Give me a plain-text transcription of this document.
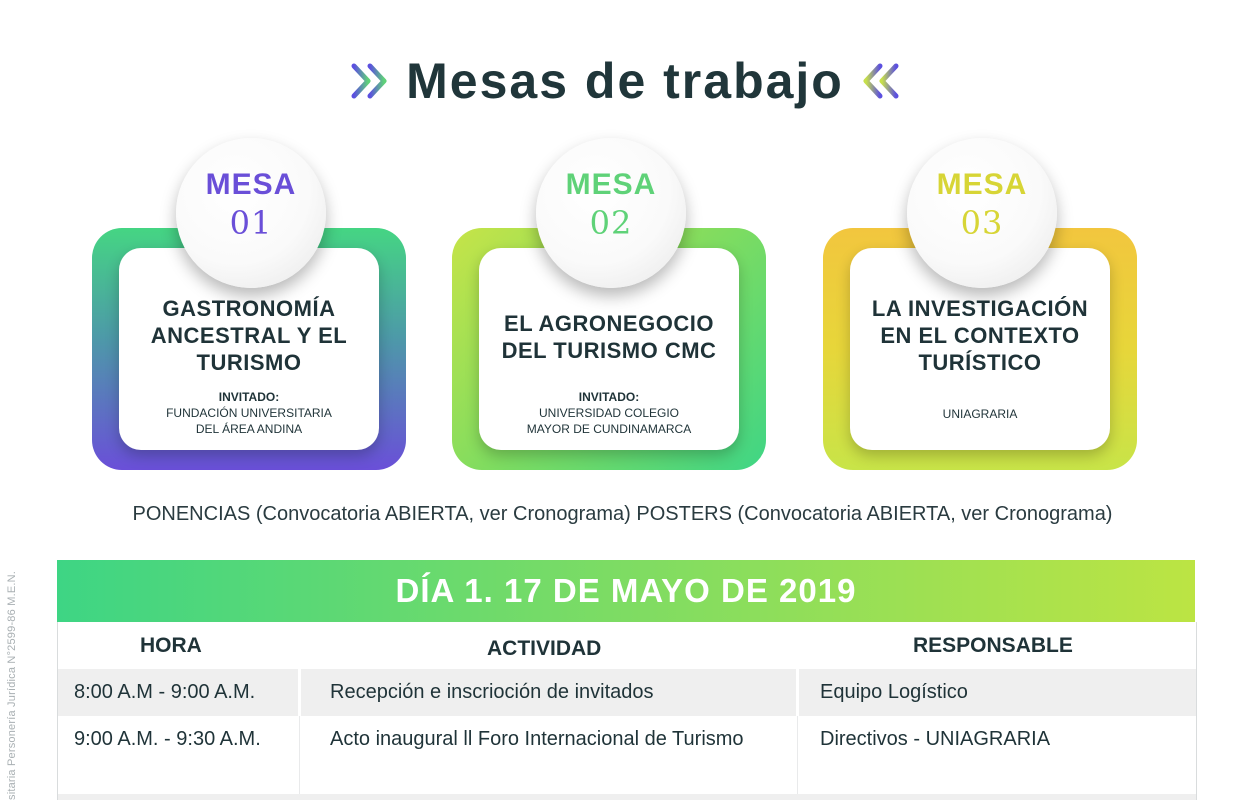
sitaria Personería Jurídica N°2599-86 M.E.N.
Mesas de trabajo
GASTRONOMÍA
ANCESTRAL Y EL
TURISMO
INVITADO:
FUNDACIÓN UNIVERSITARIA
DEL ÁREA ANDINA
MESA
01
EL AGRONEGOCIO
DEL TURISMO CMC
INVITADO:
UNIVERSIDAD COLEGIO
MAYOR DE CUNDINAMARCA
MESA
02
LA INVESTIGACIÓN
EN EL CONTEXTO
TURÍSTICO
UNIAGRARIA
MESA
03
PONENCIAS (Convocatoria ABIERTA, ver Cronograma) POSTERS (Convocatoria ABIERTA, ver Cronograma)
DÍA 1. 17 DE MAYO DE 2019
HORA	ACTIVIDAD	RESPONSABLE
8:00 A.M - 9:00 A.M.	Recepción e inscrioción de invitados	Equipo Logístico
9:00 A.M. - 9:30 A.M.	Acto inaugural ll Foro Internacional de Turismo	Directivos - UNIAGRARIA
